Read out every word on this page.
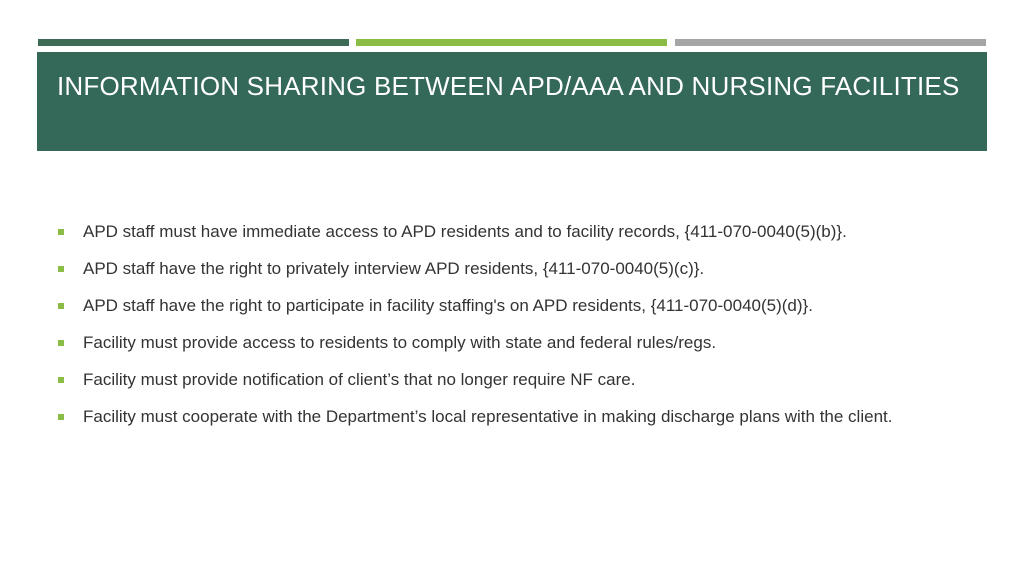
INFORMATION SHARING BETWEEN APD/AAA AND NURSING FACILITIES
APD staff must have immediate access to APD residents and to facility records, {411-070-0040(5)(b)}.
APD staff have the right to privately interview APD residents, {411-070-0040(5)(c)}.
APD staff have the right to participate in facility staffing's on APD residents, {411-070-0040(5)(d)}.
Facility must provide access to residents to comply with state and federal rules/regs.
Facility must provide notification of client’s that no longer require NF care.
Facility must cooperate with the Department’s local representative in making discharge plans with the client.
